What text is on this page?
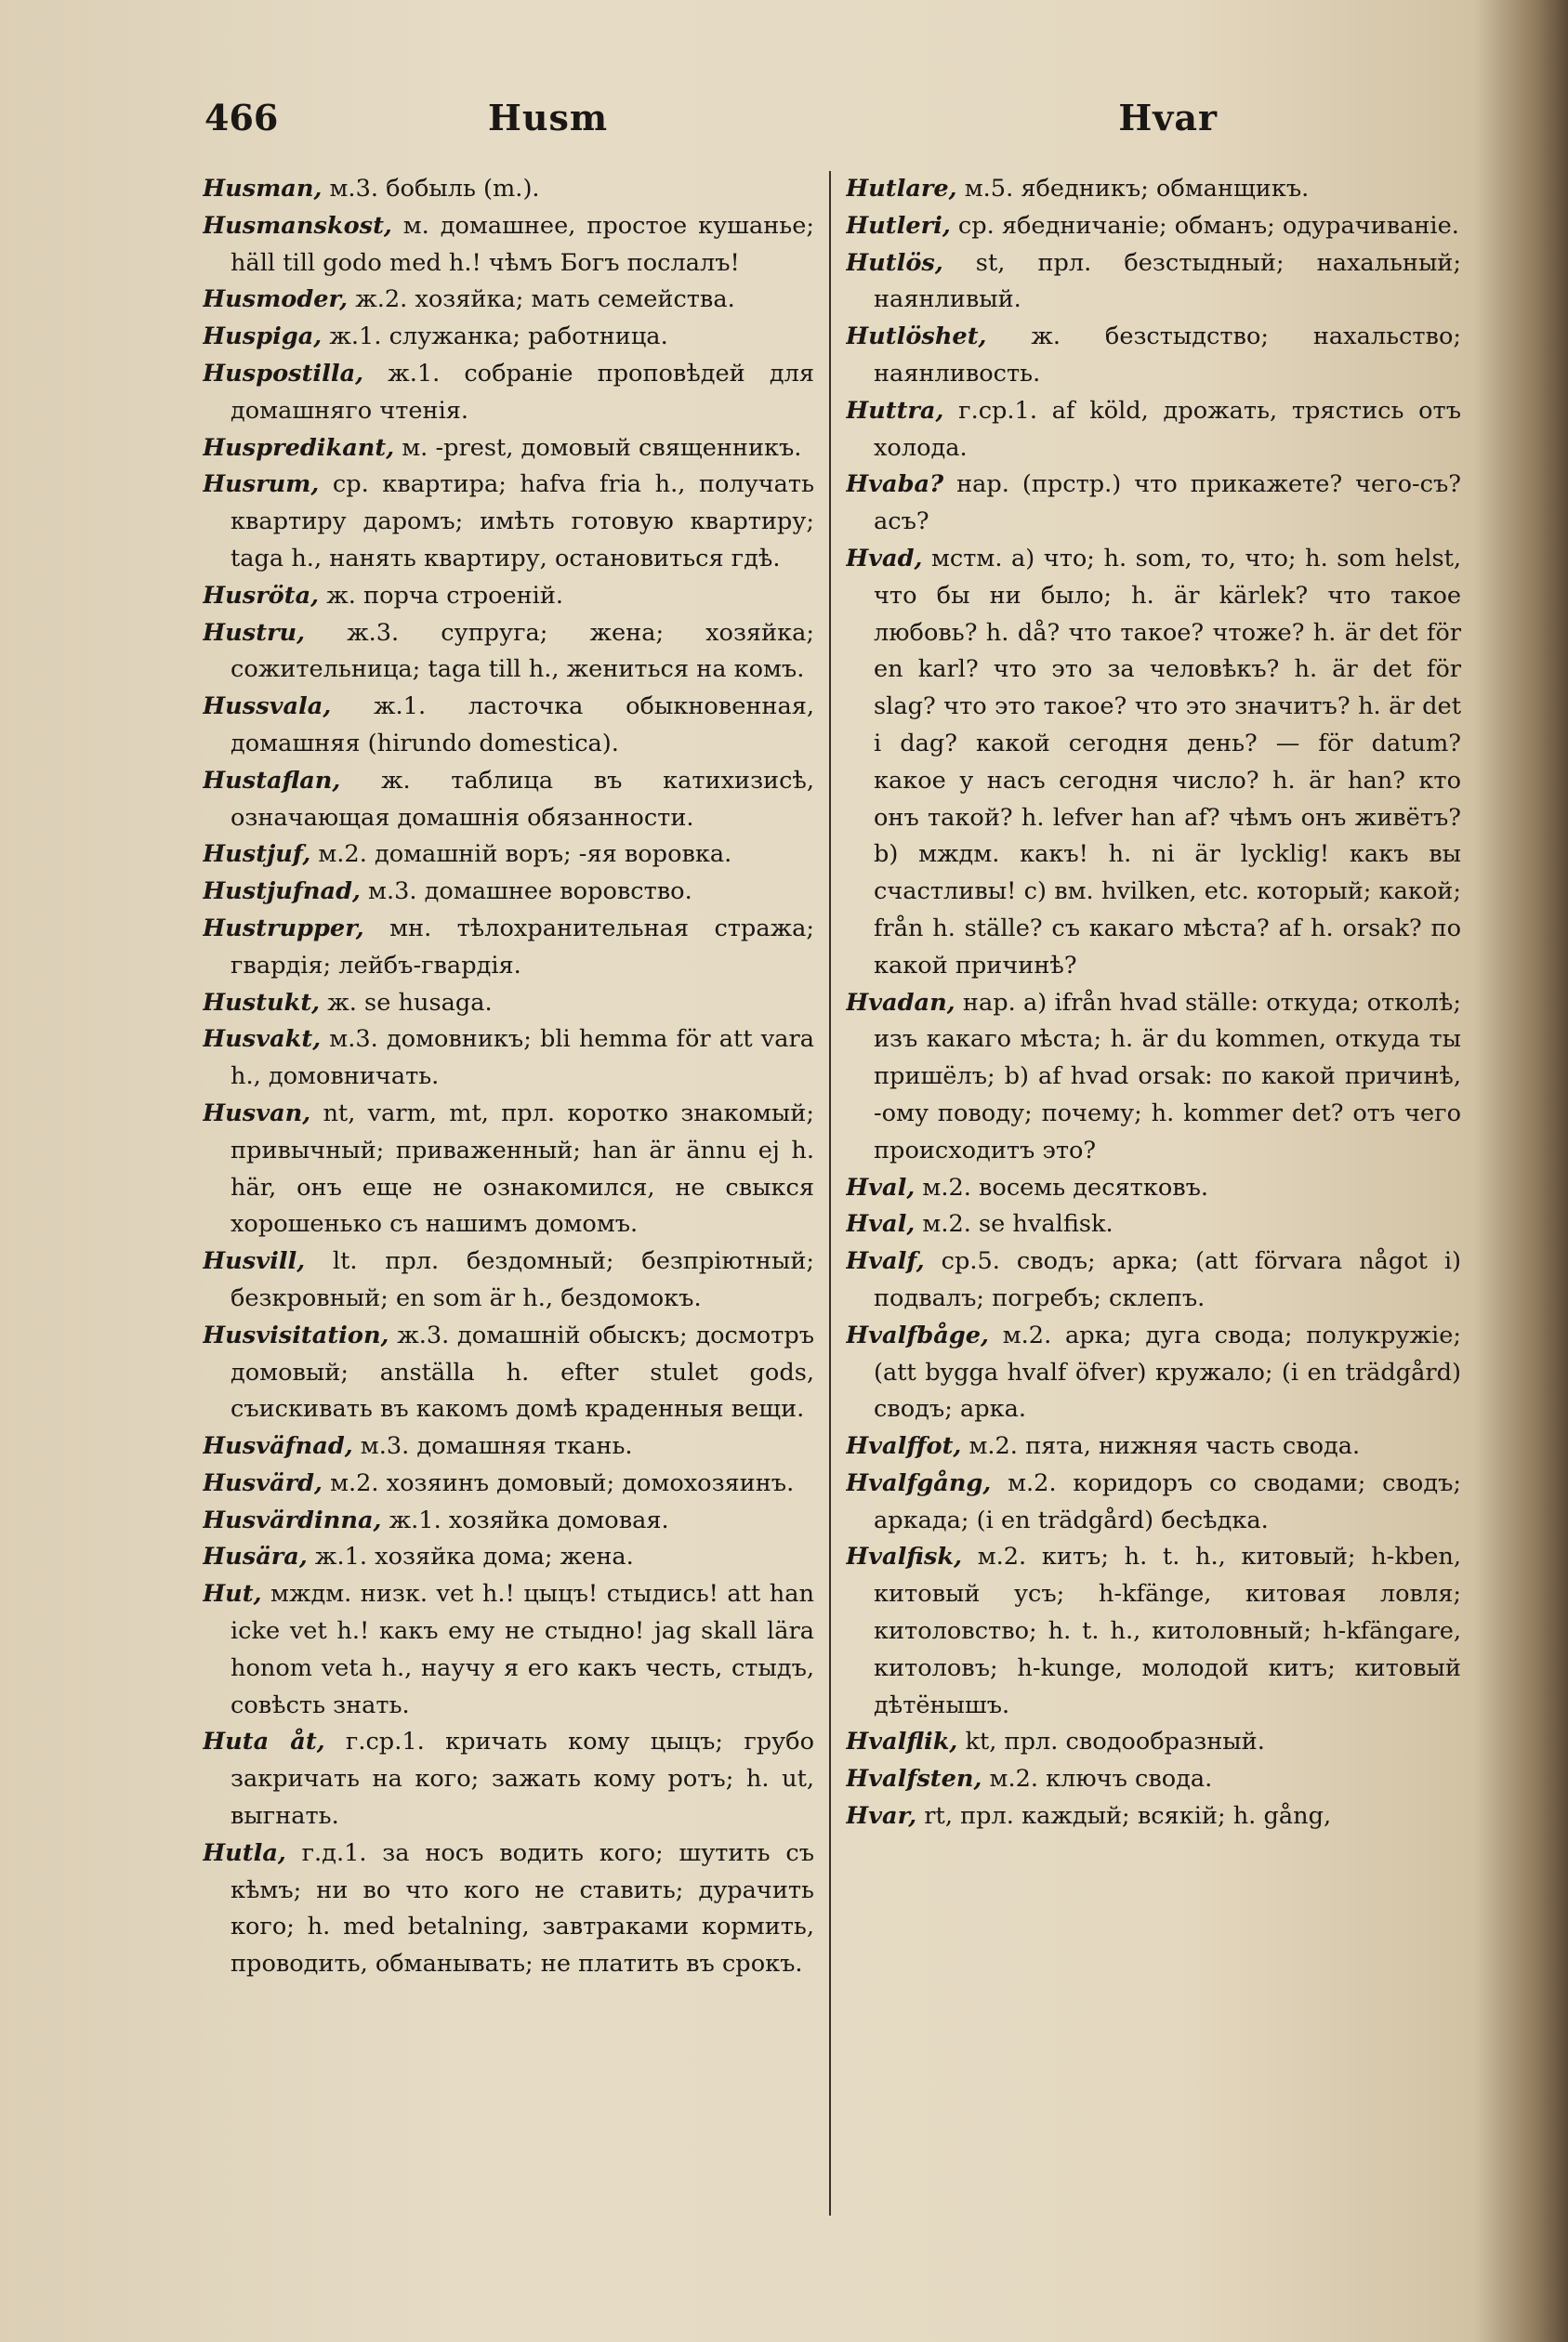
466	Husm	Hvar

Husman, м.3. бобыль (m.).

Husmanskost, м. домашнее, простое кушанье; häll till godo med h.! чѣмъ Богъ послалъ!

Husmoder, ж.2. хозяйка; мать семейства.

Huspiga, ж.1. служанка; работница.

Huspostilla, ж.1. собраніе проповѣдей для домашняго чтенія.

Huspredikant, м. -prest, домовый священникъ.

Husrum, ср. квартира; hafva fria h., получать квартиру даромъ; имѣть готовую квартиру; taga h., нанять квартиру, остановиться гдѣ.

Husröta, ж. порча строеній.

Hustru, ж.3. супруга; жена; хозяйка; сожительница; taga till h., жениться на комъ.

Hussvala, ж.1. ласточка обыкновенная, домашняя (hirundo domestica).

Hustaflan, ж. таблица въ катихизисѣ, означающая домашнія обязанности.

Hustjuf, м.2. домашній воръ; -яя воровка.

Hustjufnad, м.3. домашнее воровство.

Hustrupper, мн. тѣлохранительная стража; гвардія; лейбъ-гвардія.

Hustukt, ж. se husaga.

Husvakt, м.3. домовникъ; bli hemma för att vara h., домовничать.

Husvan, nt, varm, mt, прл. коротко знакомый; привычный; приваженный; han är ännu ej h. här, онъ еще не ознакомился, не свыкся хорошенько съ нашимъ домомъ.

Husvill, lt. прл. бездомный; безпріютный; безкровный; en som är h., бездомокъ.

Husvisitation, ж.3. домашній обыскъ; досмотръ домовый; anställa h. efter stulet gods, съискивать въ какомъ домѣ краденныя вещи.

Husväfnad, м.3. домашняя ткань.

Husvärd, м.2. хозяинъ домовый; домохозяинъ.

Husvärdinna, ж.1. хозяйка домовая.

Husära, ж.1. хозяйка дома; жена.

Hut, мждм. низк. vet h.! цыцъ! стыдись! att han icke vet h.! какъ ему не стыдно! jag skall lära honom veta h., научу я его какъ честь, стыдъ, совѣсть знать.

Huta åt, г.ср.1. кричать кому цыцъ; грубо закричать на кого; зажать кому ротъ; h. ut, выгнать.

Hutla, г.д.1. за носъ водить кого; шутить съ кѣмъ; ни во что кого не ставить; дурачить кого; h. med betalning, завтраками кормить, проводить, обманывать; не платить въ срокъ.

Hutlare, м.5. ябедникъ; обманщикъ.

Hutleri, ср. ябедничаніе; обманъ; одурачиваніе.

Hutlös, st, прл. безстыдный; нахальный; наянливый.

Hutlöshet, ж. безстыдство; нахальство; наянливость.

Huttra, г.ср.1. af köld, дрожать, трястись отъ холода.

Hvaba? нар. (прстр.) что прикажете? чего-съ? асъ?

Hvad, мстм. a) что; h. som, то, что; h. som helst, что бы ни было; h. är kärlek? что такое любовь? h. då? что такое? чтоже? h. är det för en karl? что это за человѣкъ? h. är det för slag? что это такое? что это значитъ? h. är det i dag? какой сегодня день? — för datum? какое у насъ сегодня число? h. är han? кто онъ такой? h. lefver han af? чѣмъ онъ живётъ? b) мждм. какъ! h. ni är lycklig! какъ вы счастливы! c) вм. hvilken, etc. который; какой; från h. ställe? съ какаго мѣста? af h. orsak? по какой причинѣ?

Hvadan, нар. a) ifrån hvad ställe: откуда; отколѣ; изъ какаго мѣста; h. är du kommen, откуда ты пришёлъ; b) af hvad orsak: по какой причинѣ, -ому поводу; почему; h. kommer det? отъ чего происходитъ это?

Hval, м.2. восемь десятковъ.

Hval, м.2. se hvalfisk.

Hvalf, ср.5. сводъ; арка; (att förvara något i) подвалъ; погребъ; склепъ.

Hvalfbåge, м.2. арка; дуга свода; полукружіе; (att bygga hvalf öfver) кружало; (i en trädgård) сводъ; арка.

Hvalffot, м.2. пята, нижняя часть свода.

Hvalfgång, м.2. коридоръ со сводами; сводъ; аркада; (i en trädgård) бесѣдка.

Hvalfisk, м.2. китъ; h. t. h., китовый; h-kben, китовый усъ; h-kfänge, китовая ловля; китоловство; h. t. h., китоловный; h-kfängare, китоловъ; h-kunge, молодой китъ; китовый дѣтёнышъ.

Hvalflik, kt, прл. сводообразный.

Hvalfsten, м.2. ключъ свода.

Hvar, rt, прл. каждый; всякій; h. gång,
